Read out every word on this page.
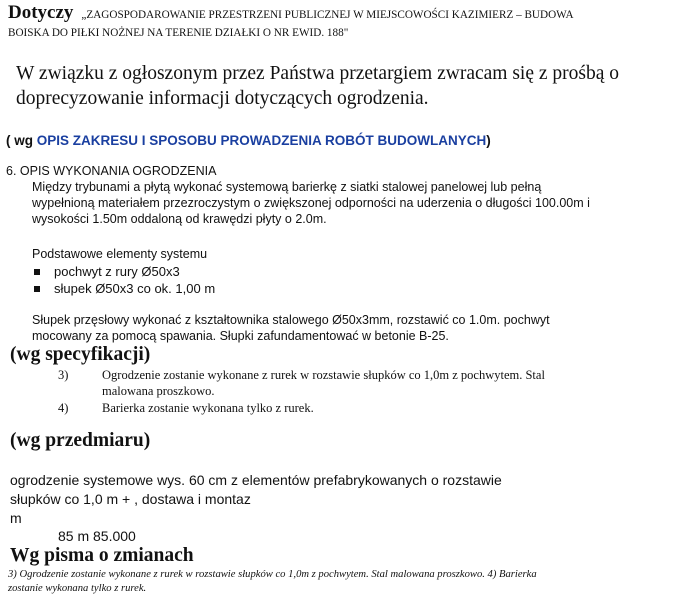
Dotyczy „ZAGOSPODAROWANIE PRZESTRZENI PUBLICZNEJ W MIEJSCOWOŚCI KAZIMIERZ – BUDOWA
BOISKA DO PIŁKI NOŻNEJ NA TERENIE DZIAŁKI O NR EWID. 188"
W związku z ogłoszonym przez Państwa przetargiem zwracam się z prośbą o
doprecyzowanie informacji dotyczących ogrodzenia.
( wg OPIS ZAKRESU I SPOSOBU PROWADZENIA ROBÓT BUDOWLANYCH)
6. OPIS WYKONANIA OGRODZENIA
Między trybunami a płytą wykonać systemową barierkę z siatki stalowej panelowej lub pełną
wypełnioną materiałem przezroczystym o zwiększonej odporności na uderzenia o długości 100.00m i
wysokości 1.50m oddaloną od krawędzi płyty o 2.0m.
Podstawowe elementy systemu
pochwyt z rury Ø50x3
słupek Ø50x3 co ok. 1,00 m
Słupek przęsłowy wykonać z kształtownika stalowego Ø50x3mm, rozstawić co 1.0m. pochwyt
mocowany za pomocą spawania. Słupki zafundamentować w betonie B-25.
(wg specyfikacji)
3)	Ogrodzenie zostanie wykonane z rurek w rozstawie słupków co 1,0m z pochwytem. Stal
malowana proszkowo.
4)	Barierka zostanie wykonana tylko z rurek.
(wg przedmiaru)
ogrodzenie systemowe wys. 60 cm z elementów prefabrykowanych o rozstawie
słupków co 1,0 m + , dostawa i montaz
m
85 m 85.000
Wg pisma o zmianach
3) Ogrodzenie zostanie wykonane z rurek w rozstawie słupków co 1,0m z pochwytem. Stal malowana proszkowo. 4) Barierka
zostanie wykonana tylko z rurek.
